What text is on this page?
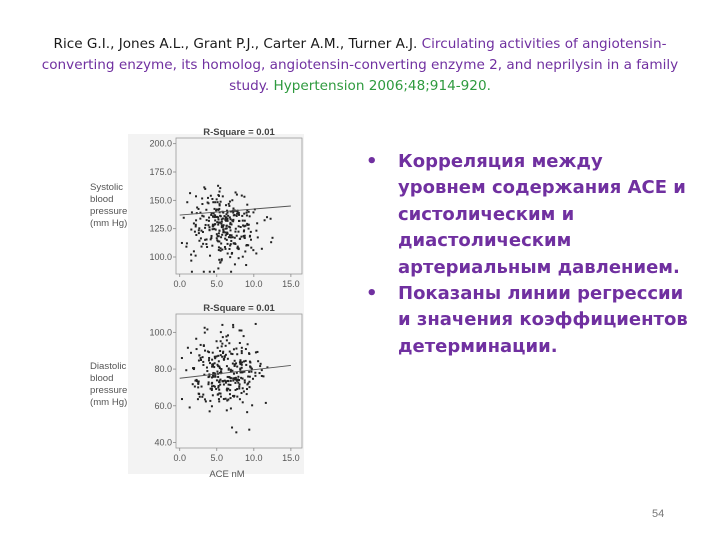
Rice G.I., Jones A.L., Grant P.J., Carter A.M., Turner A.J. Circulating activities of angiotensin-converting enzyme, its homolog, angiotensin-converting enzyme 2, and neprilysin in a family study. Hypertension 2006;48;914-920.
Systolic
blood
pressure
(mm Hg)
Diastolic
blood
pressure
(mm Hg)
R-Square = 0.01
200.0
175.0
150.0
125.0
100.0
0.0	5.0 10.0 15.0
R-Square = 0.01
100.0
80.0
60.0
40.0
0.0	5.0 10.0 15.0
ACE nM
• Корреляция между уровнем содержания ACE и систолическим и диастолическим артериальным давлением.
• Показаны линии регрессии и значения коэффициентов детерминации.
54
